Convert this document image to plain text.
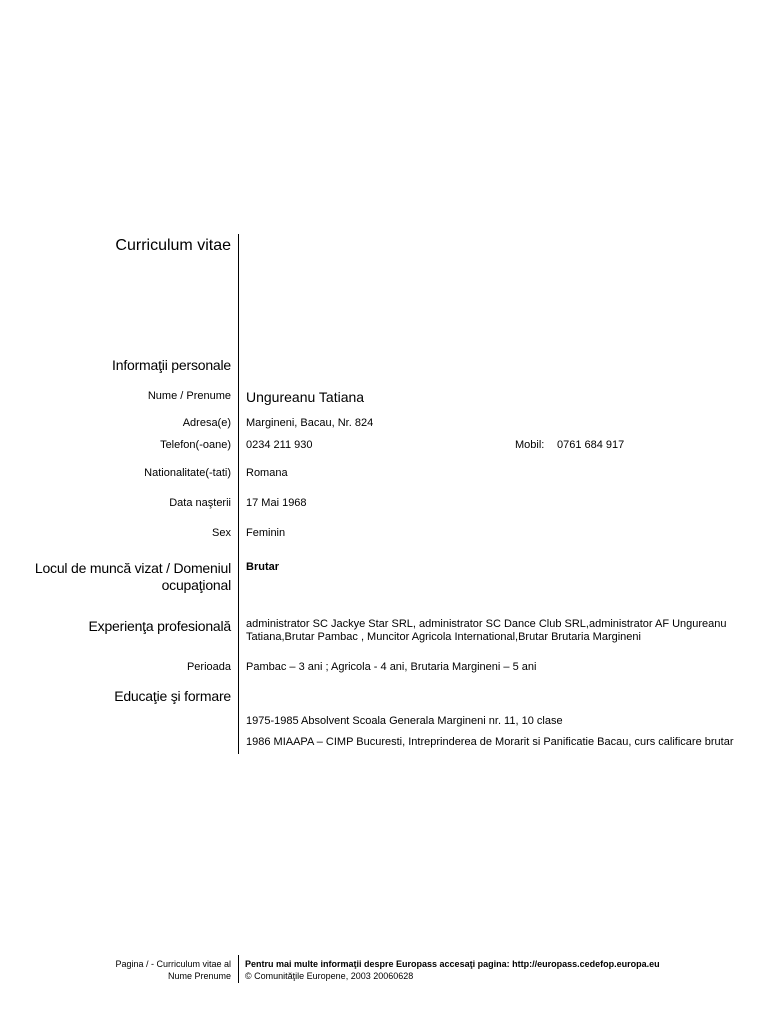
Curriculum vitae
Informaţii personale
Nume / Prenume Ungureanu Tatiana
Adresa(e) Margineni, Bacau, Nr. 824
Telefon(-oane) 0234 211 930	Mobil: 0761 684 917
Nationalitate(-tati) Romana
Data naşterii 17 Mai 1968
Sex Feminin
Locul de muncă vizat / Domeniul
ocupaţional
Brutar
Experienţa profesională administrator SC Jackye Star SRL, administrator SC Dance Club SRL,administrator AF Ungureanu
Tatiana,Brutar Pambac , Muncitor Agricola International,Brutar Brutaria Margineni
Perioada Pambac – 3 ani ; Agricola - 4 ani, Brutaria Margineni – 5 ani
Educaţie şi formare
1975-1985 Absolvent Scoala Generala Margineni nr. 11, 10 clase
1986 MIAAPA – CIMP Bucuresti, Intreprinderea de Morarit si Panificatie Bacau, curs calificare brutar
Pagina / - Curriculum vitae al
Nume Prenume
Pentru mai multe informaţii despre Europass accesaţi pagina: http://europass.cedefop.europa.eu
© Comunităţile Europene, 2003 20060628
